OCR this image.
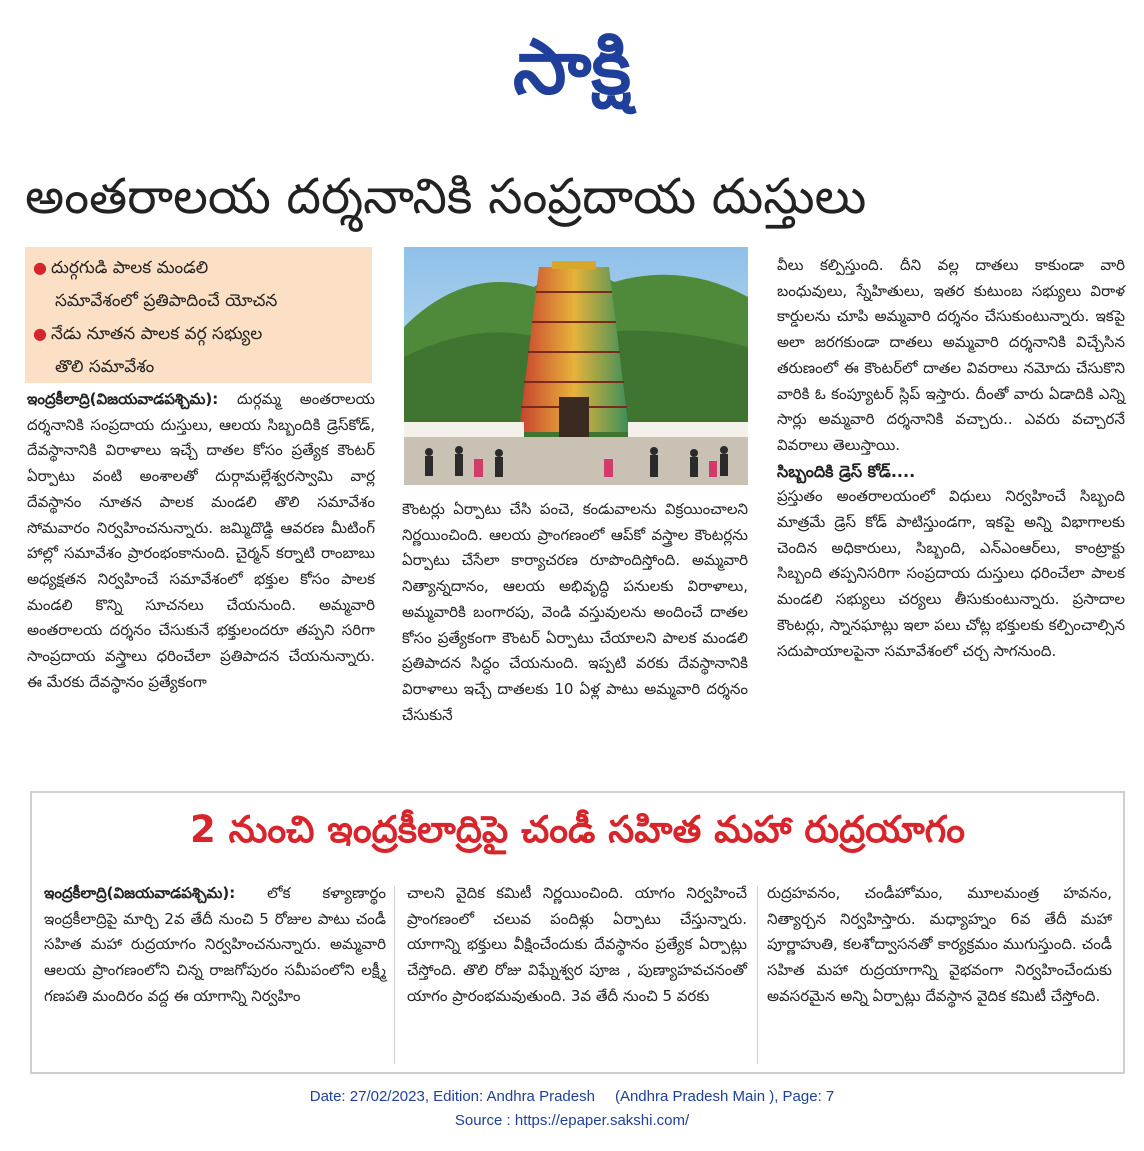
సాక్షి
అంతరాలయ దర్శనానికి సంప్రదాయ దుస్తులు
● దుర్గగుడి పాలక మండలి
సమావేశంలో ప్రతిపాదించే యోచన
● నేడు నూతన పాలక వర్గ సభ్యుల
తొలి సమావేశం
ఇంద్రకీలాద్రి(విజయవాడపశ్చిమ): దుర్గమ్మ అంతరాలయ దర్శనానికి సంప్రదాయ దుస్తులు, ఆలయ సిబ్బందికి డ్రెస్‌కోడ్, దేవస్థానానికి విరాళాలు ఇచ్చే దాతల కోసం ప్రత్యేక కౌంటర్ ఏర్పాటు వంటి అంశాలతో దుర్గామల్లేశ్వరస్వామి వార్ల దేవస్థానం నూతన పాలక మండలి తొలి సమావేశం సోమవారం నిర్వహించనున్నారు. జమ్మిదొడ్డి ఆవరణ మీటింగ్ హాల్లో సమావేశం ప్రారంభంకానుంది. చైర్మన్ కర్నాటి రాంబాబు అధ్యక్షతన నిర్వహించే సమావేశంలో భక్తుల కోసం పాలక మండలి కొన్ని సూచనలు చేయనుంది. అమ్మవారి అంతరాలయ దర్శనం చేసుకునే భక్తులందరూ తప్పని సరిగా సాంప్రదాయ వస్త్రాలు ధరించేలా ప్రతిపాదన చేయనున్నారు. ఈ మేరకు దేవస్థానం ప్రత్యేకంగా
కౌంటర్లు ఏర్పాటు చేసి పంచె, కండువాలను విక్రయించాలని నిర్ణయించింది. ఆలయ ప్రాంగణంలో ఆప్‌కో వస్త్రాల కౌంటర్లను ఏర్పాటు చేసేలా కార్యాచరణ రూపొందిస్తోంది. అమ్మవారి నిత్యాన్నదానం, ఆలయ అభివృద్ధి పనులకు విరాళాలు, అమ్మవారికి బంగారపు, వెండి వస్తువులను అందించే దాతల కోసం ప్రత్యేకంగా కౌంటర్ ఏర్పాటు చేయాలని పాలక మండలి ప్రతిపాదన సిద్ధం చేయనుంది. ఇప్పటి వరకు దేవస్థానానికి విరాళాలు ఇచ్చే దాతలకు 10 ఏళ్ల పాటు అమ్మవారి దర్శనం చేసుకునే
వీలు కల్పిస్తుంది. దీని వల్ల దాతలు కాకుండా వారి బంధువులు, స్నేహితులు, ఇతర కుటుంబ సభ్యులు విరాళ కార్డులను చూపి అమ్మవారి దర్శనం చేసుకుంటున్నారు. ఇకపై అలా జరగకుండా దాతలు అమ్మవారి దర్శనానికి విచ్చేసిన తరుణంలో ఈ కౌంటర్‌లో దాతల వివరాలు నమోదు చేసుకొని వారికి ఓ కంప్యూటర్ స్లిప్ ఇస్తారు. దీంతో వారు ఏడాదికి ఎన్ని సార్లు అమ్మవారి దర్శనానికి వచ్చారు.. ఎవరు వచ్చారనే వివరాలు తెలుస్తాయి.
సిబ్బందికి డ్రెస్ కోడ్....
ప్రస్తుతం అంతరాలయంలో విధులు నిర్వహించే సిబ్బంది మాత్రమే డ్రెస్ కోడ్ పాటిస్తుండగా, ఇకపై అన్ని విభాగాలకు చెందిన అధికారులు, సిబ్బంది, ఎన్‌ఎంఆర్‌లు, కాంట్రాక్టు సిబ్బంది తప్పనిసరిగా సంప్రదాయ దుస్తులు ధరించేలా పాలక మండలి సభ్యులు చర్యలు తీసుకుంటున్నారు. ప్రసాదాల కౌంటర్లు, స్నానఘాట్లు ఇలా పలు చోట్ల భక్తులకు కల్పించాల్సిన సదుపాయాలపైనా సమావేశంలో చర్చ సాగనుంది.
2 నుంచి ఇంద్రకీలాద్రిపై చండీ సహిత మహా రుద్రయాగం
ఇంద్రకీలాద్రి(విజయవాడపశ్చిమ): లోక కళ్యాణార్థం ఇంద్రకీలాద్రిపై మార్చి 2వ తేదీ నుంచి 5 రోజుల పాటు చండీ సహిత మహా రుద్రయాగం నిర్వహించనున్నారు. అమ్మవారి ఆలయ ప్రాంగణంలోని చిన్న రాజగోపురం సమీపంలోని లక్ష్మీ గణపతి మందిరం వద్ద ఈ యాగాన్ని నిర్వహిం
చాలని వైదిక కమిటీ నిర్ణయించింది. యాగం నిర్వహించే ప్రాంగణంలో చలువ పందిళ్లు ఏర్పాటు చేస్తున్నారు. యాగాన్ని భక్తులు వీక్షించేందుకు దేవస్థానం ప్రత్యేక ఏర్పాట్లు చేస్తోంది. తొలి రోజు విఘ్నేశ్వర పూజ , పుణ్యాహవచనంతో యాగం ప్రారంభమవుతుంది. 3వ తేదీ నుంచి 5 వరకు
రుద్రహవనం, చండీహోమం, మూలమంత్ర హవనం, నిత్యార్చన నిర్వహిస్తారు. మధ్యాహ్నం 6వ తేదీ మహా పూర్ణాహుతి, కలశోద్వాసనతో కార్యక్రమం ముగుస్తుంది. చండీ సహిత మహా రుద్రయాగాన్ని వైభవంగా నిర్వహించేందుకు అవసరమైన అన్ని ఏర్పాట్లు దేవస్థాన వైదిక కమిటీ చేస్తోంది.
Date: 27/02/2023, Edition: Andhra Pradesh (Andhra Pradesh Main ), Page: 7
Source : https://epaper.sakshi.com/
